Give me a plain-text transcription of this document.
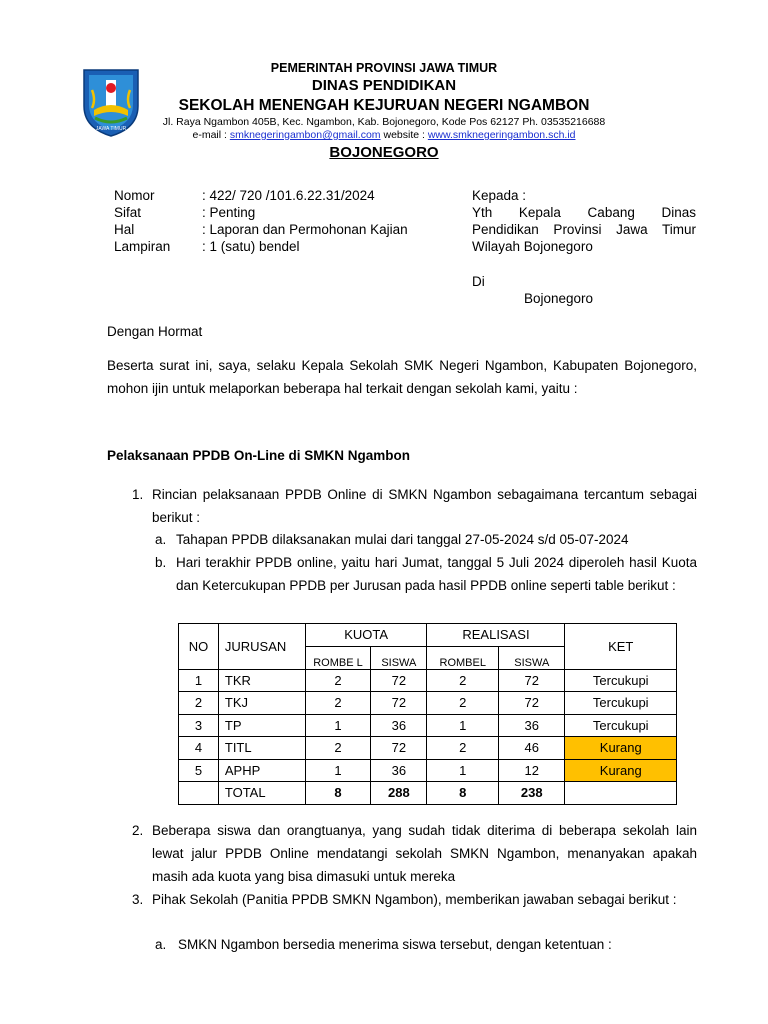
JAWA TIMUR
PEMERINTAH PROVINSI JAWA TIMUR
DINAS PENDIDIKAN
SEKOLAH MENENGAH KEJURUAN NEGERI NGAMBON
Jl. Raya Ngambon 405B, Kec. Ngambon, Kab. Bojonegoro, Kode Pos 62127 Ph. 03535216688
e-mail : smknegeringambon@gmail.com website : www.smknegeringambon.sch.id
BOJONEGORO
Nomor	: 422/ 720 /101.6.22.31/2024
Sifat	: Penting
Hal	: Laporan dan Permohonan Kajian
Lampiran : 1 (satu) bendel
Kepada :
Yth Kepala Cabang Dinas Pendidikan Provinsi Jawa Timur Wilayah Bojonegoro
Di
Bojonegoro
Dengan Hormat
Beserta surat ini, saya, selaku Kepala Sekolah SMK Negeri Ngambon, Kabupaten Bojonegoro, mohon ijin untuk melaporkan beberapa hal terkait dengan sekolah kami, yaitu :
Pelaksanaan PPDB On-Line di SMKN Ngambon
1. Rincian pelaksanaan PPDB Online di SMKN Ngambon sebagaimana tercantum sebagai berikut :
a. Tahapan PPDB dilaksanakan mulai dari tanggal 27-05-2024 s/d 05-07-2024
b. Hari terakhir PPDB online, yaitu hari Jumat, tanggal 5 Juli 2024 diperoleh hasil Kuota dan Ketercukupan PPDB per Jurusan pada hasil PPDB online seperti table berikut :
NO	JURUSAN	KUOTA		REALISASI		KET
		ROMBE L	SISWA	ROMBEL	SISWA	
1	TKR	2	72	2	72	Tercukupi
2	TKJ	2	72	2	72	Tercukupi
3	TP	1	36	1	36	Tercukupi
4	TITL	2	72	2	46	Kurang
5	APHP	1	36	1	12	Kurang
	TOTAL	8	288	8	238	
2. Beberapa siswa dan orangtuanya, yang sudah tidak diterima di beberapa sekolah lain lewat jalur PPDB Online mendatangi sekolah SMKN Ngambon, menanyakan apakah masih ada kuota yang bisa dimasuki untuk mereka
3. Pihak Sekolah (Panitia PPDB SMKN Ngambon), memberikan jawaban sebagai berikut :
a. SMKN Ngambon bersedia menerima siswa tersebut, dengan ketentuan :
